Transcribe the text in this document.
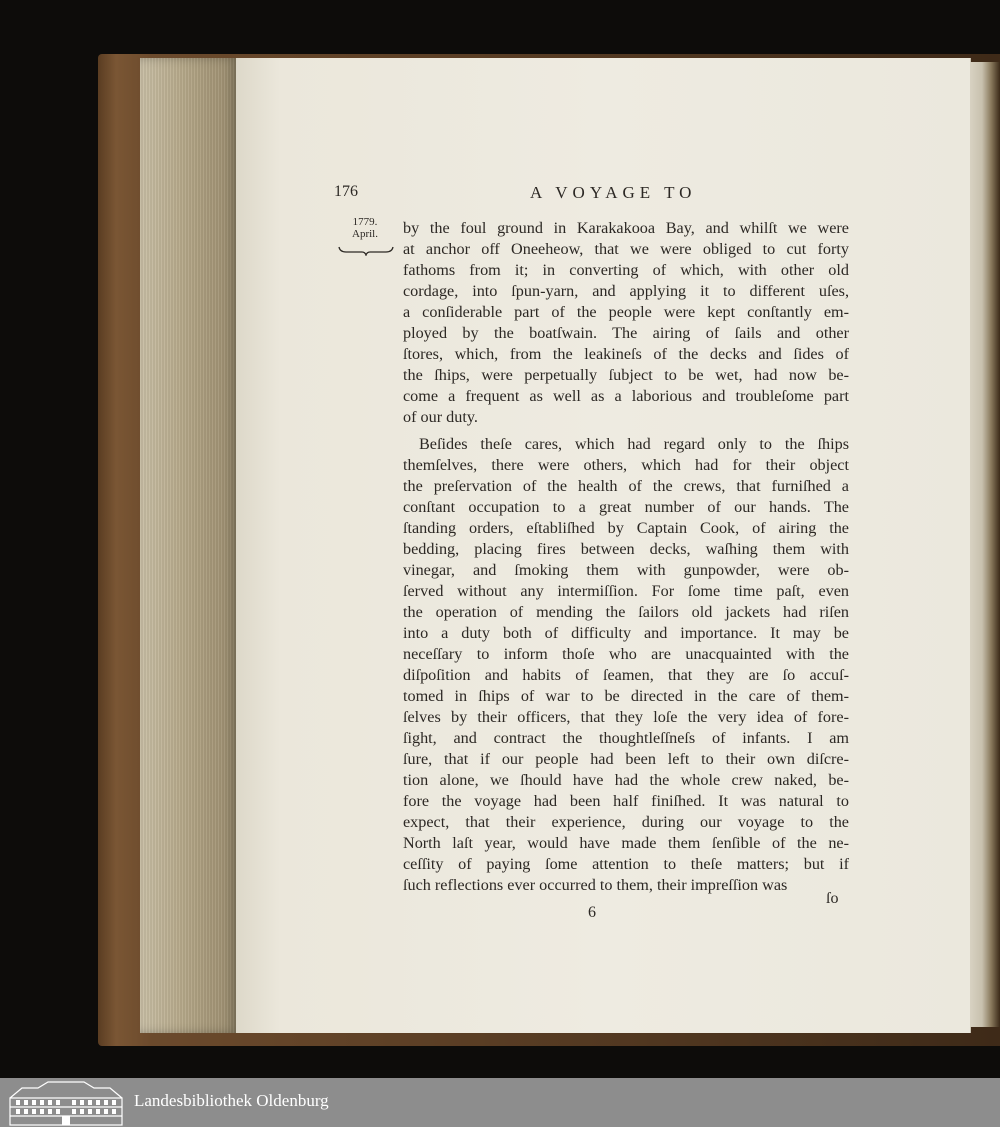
176	A VOYAGE TO
1779.
April.	by the foul ground in Karakakooa Bay, and whilſt we were
at anchor off Oneeheow, that we were obliged to cut forty
fathoms from it; in converting of which, with other old
cordage, into ſpun-yarn, and applying it to different uſes,
a conſiderable part of the people were kept conſtantly em-
ployed by the boatſwain. The airing of ſails and other
ſtores, which, from the leakineſs of the decks and ſides of
the ſhips, were perpetually ſubject to be wet, had now be-
come a frequent as well as a laborious and troubleſome part
of our duty.
Beſides theſe cares, which had regard only to the ſhips
themſelves, there were others, which had for their object
the preſervation of the health of the crews, that furniſhed a
conſtant occupation to a great number of our hands. The
ſtanding orders, eſtabliſhed by Captain Cook, of airing the
bedding, placing fires between decks, waſhing them with
vinegar, and ſmoking them with gunpowder, were ob-
ſerved without any intermiſſion. For ſome time paſt, even
the operation of mending the ſailors old jackets had riſen
into a duty both of difficulty and importance. It may be
neceſſary to inform thoſe who are unacquainted with the
diſpoſition and habits of ſeamen, that they are ſo accuſ-
tomed in ſhips of war to be directed in the care of them-
ſelves by their officers, that they loſe the very idea of fore-
ſight, and contract the thoughtleſſneſs of infants. I am
ſure, that if our people had been left to their own diſcre-
tion alone, we ſhould have had the whole crew naked, be-
fore the voyage had been half finiſhed. It was natural to
expect, that their experience, during our voyage to the
North laſt year, would have made them ſenſible of the ne-
ceſſity of paying ſome attention to theſe matters; but if
ſuch reflections ever occurred to them, their impreſſion was
ſo
6
Landesbibliothek Oldenburg
